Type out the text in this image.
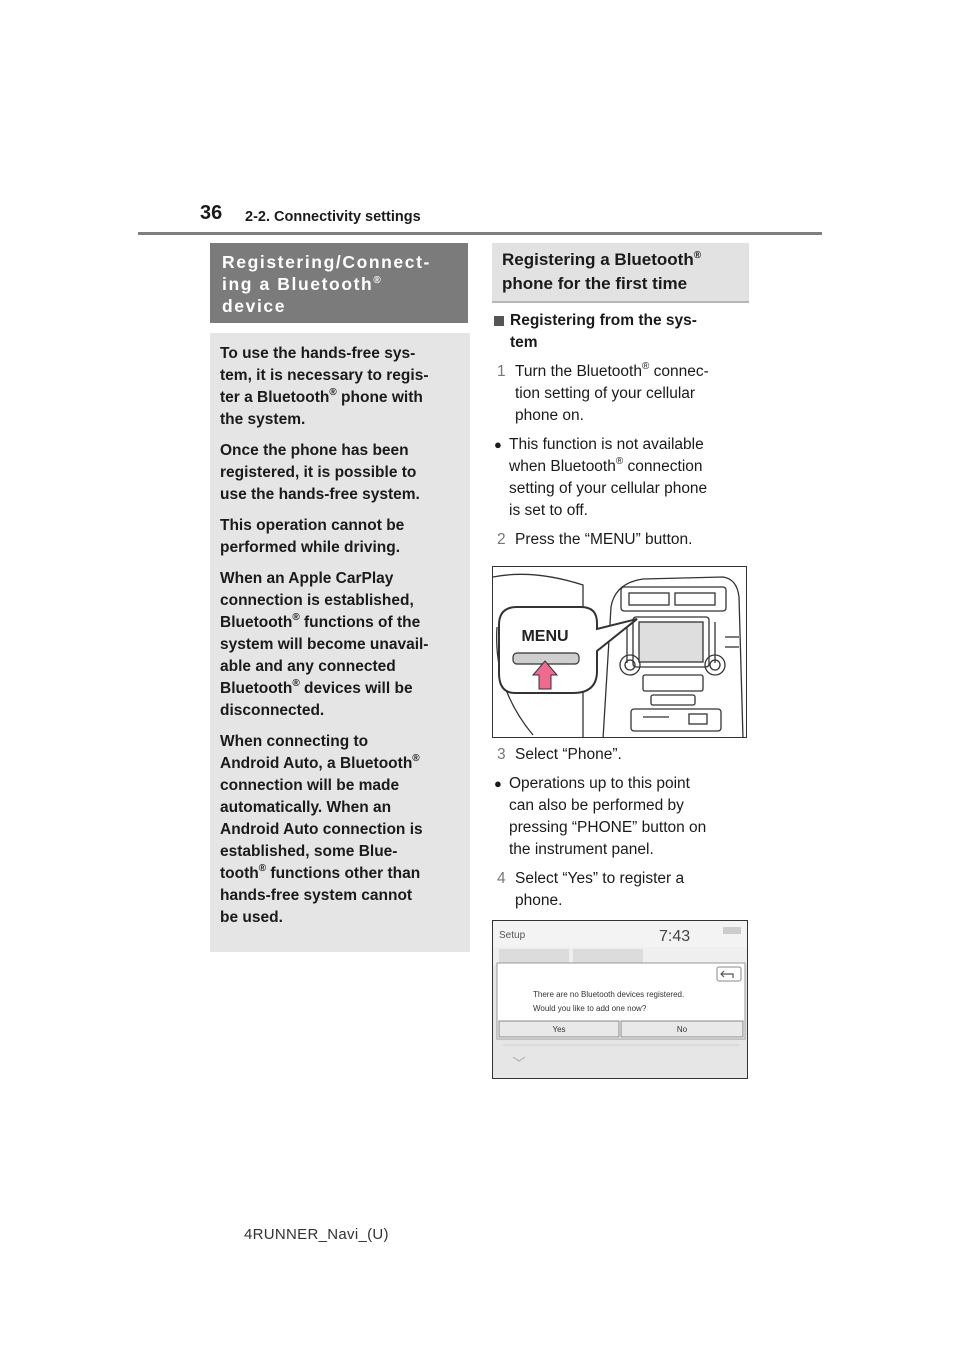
36 2-2. Connectivity settings
Registering/Connect-
ing a Bluetooth®
device

To use the hands-free sys-
tem, it is necessary to regis-
ter a Bluetooth® phone with
the system.

Once the phone has been
registered, it is possible to
use the hands-free system.

This operation cannot be
performed while driving.

When an Apple CarPlay
connection is established,
Bluetooth® functions of the
system will become unavail-
able and any connected
Bluetooth® devices will be
disconnected.

When connecting to
Android Auto, a Bluetooth®
connection will be made
automatically. When an
Android Auto connection is
established, some Blue-
tooth® functions other than
hands-free system cannot
be used.

Registering a Bluetooth®
phone for the first time
Registering from the sys-
tem
1 Turn the Bluetooth® connec-
tion setting of your cellular
phone on.
● This function is not available
when Bluetooth® connection
setting of your cellular phone
is set to off.
2 Press the “MENU” button.
MENU
3 Select “Phone”.
● Operations up to this point
can also be performed by
pressing “PHONE” button on
the instrument panel.
4 Select “Yes” to register a
phone.
Setup	7:43
There are no Bluetooth devices registered.
Would you like to add one now?
Yes	No
4RUNNER_Navi_(U)
